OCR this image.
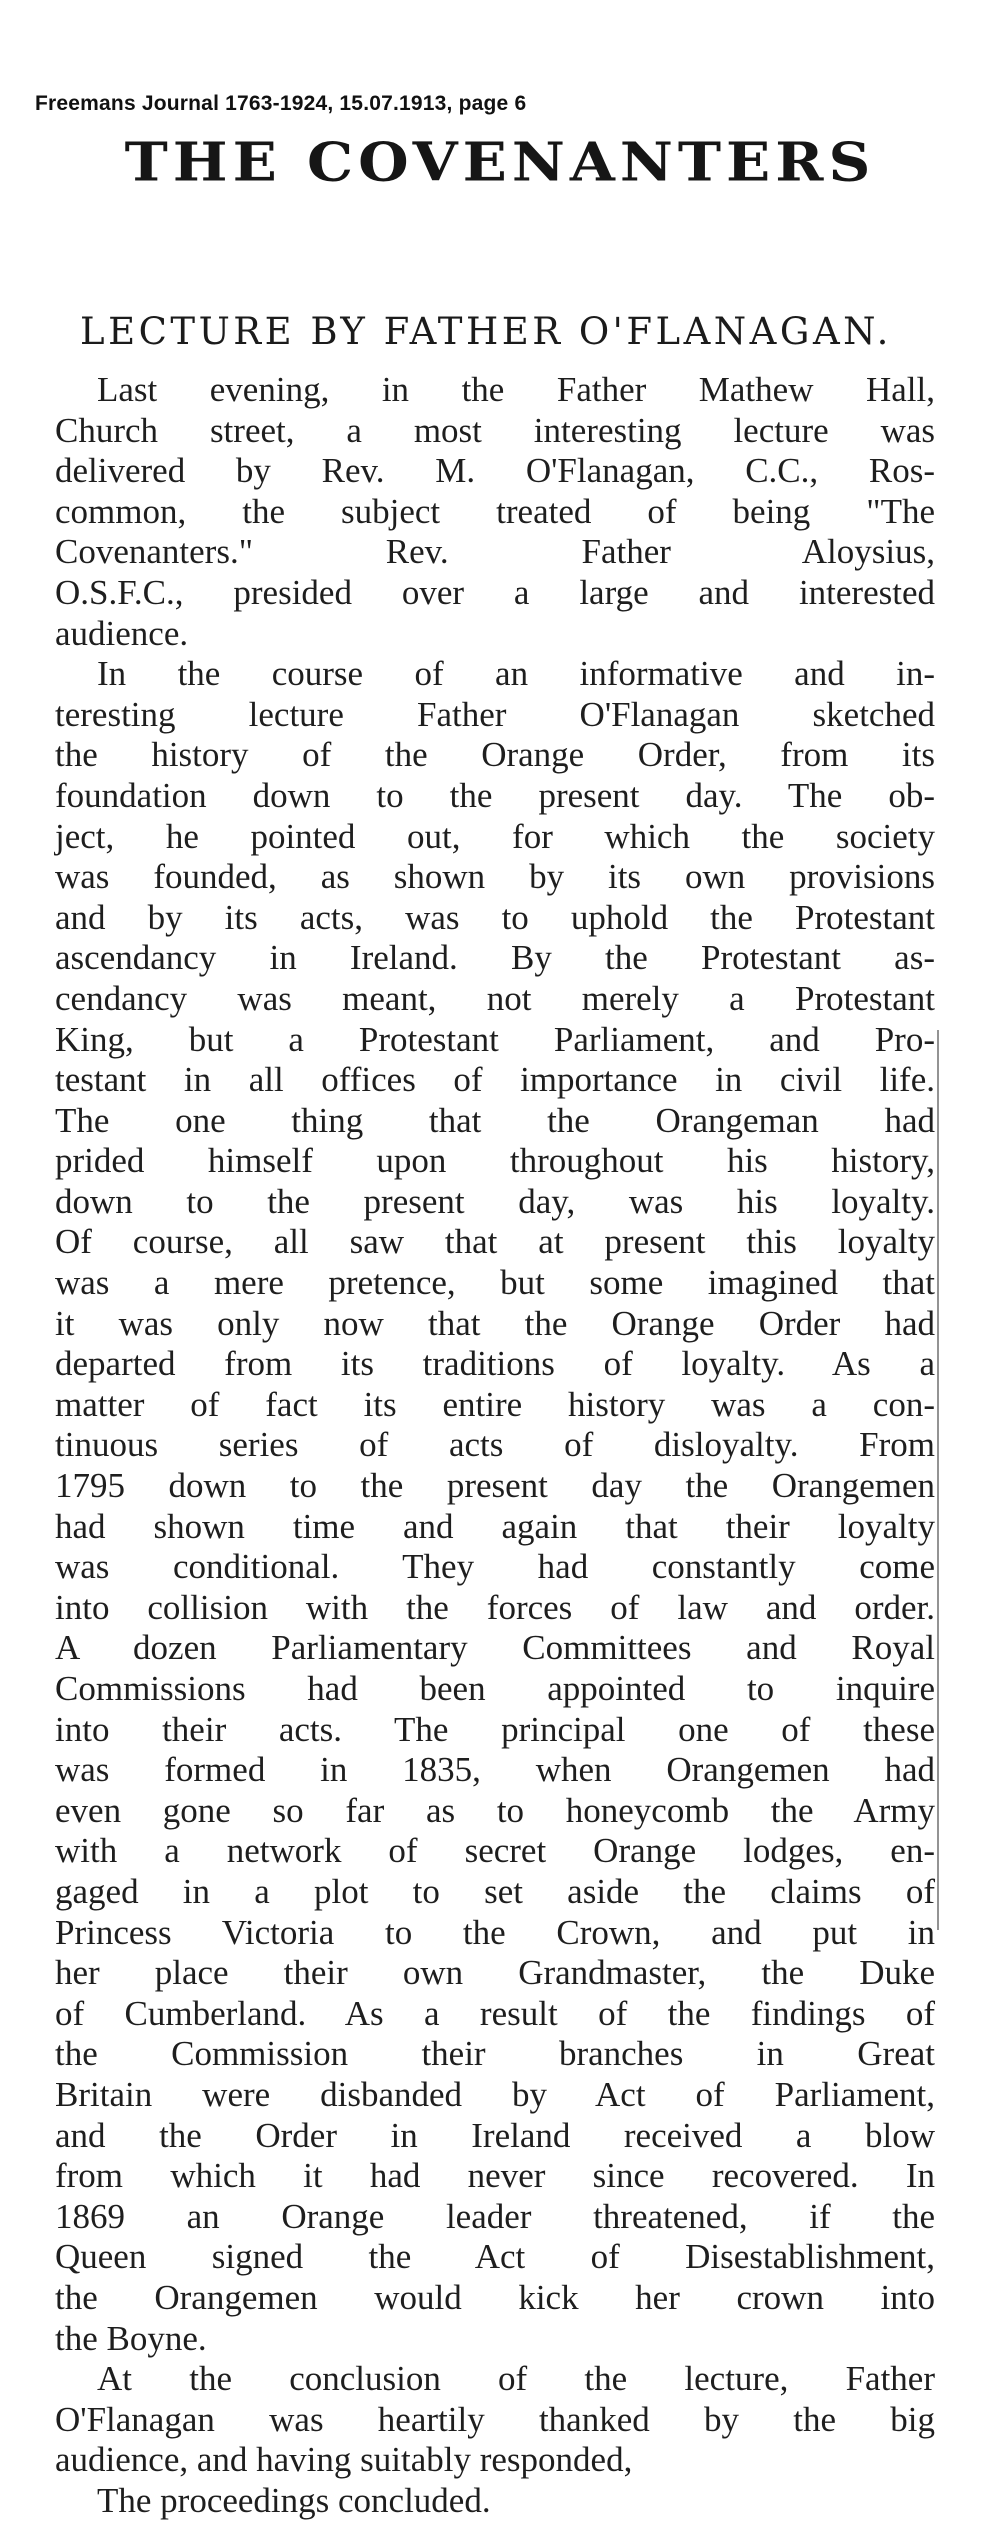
Freemans Journal 1763-1924, 15.07.1913, page 6
THE COVENANTERS
LECTURE BY FATHER O'FLANAGAN.
Last evening, in the Father Mathew Hall,
Church street, a most interesting lecture was
delivered by Rev. M. O'Flanagan, C.C., Ros-
common, the subject treated of being "The
Covenanters." Rev. Father Aloysius,
O.S.F.C., presided over a large and interested
audience.
In the course of an informative and in-
teresting lecture Father O'Flanagan sketched
the history of the Orange Order, from its
foundation down to the present day. The ob-
ject, he pointed out, for which the society
was founded, as shown by its own provisions
and by its acts, was to uphold the Protestant
ascendancy in Ireland. By the Protestant as-
cendancy was meant, not merely a Protestant
King, but a Protestant Parliament, and Pro-
testant in all offices of importance in civil life.
The one thing that the Orangeman had
prided himself upon throughout his history,
down to the present day, was his loyalty.
Of course, all saw that at present this loyalty
was a mere pretence, but some imagined that
it was only now that the Orange Order had
departed from its traditions of loyalty. As a
matter of fact its entire history was a con-
tinuous series of acts of disloyalty. From
1795 down to the present day the Orangemen
had shown time and again that their loyalty
was conditional. They had constantly come
into collision with the forces of law and order.
A dozen Parliamentary Committees and Royal
Commissions had been appointed to inquire
into their acts. The principal one of these
was formed in 1835, when Orangemen had
even gone so far as to honeycomb the Army
with a network of secret Orange lodges, en-
gaged in a plot to set aside the claims of
Princess Victoria to the Crown, and put in
her place their own Grandmaster, the Duke
of Cumberland. As a result of the findings of
the Commission their branches in Great
Britain were disbanded by Act of Parliament,
and the Order in Ireland received a blow
from which it had never since recovered. In
1869 an Orange leader threatened, if the
Queen signed the Act of Disestablishment,
the Orangemen would kick her crown into
the Boyne.
At the conclusion of the lecture, Father
O'Flanagan was heartily thanked by the big
audience, and having suitably responded,
The proceedings concluded.
